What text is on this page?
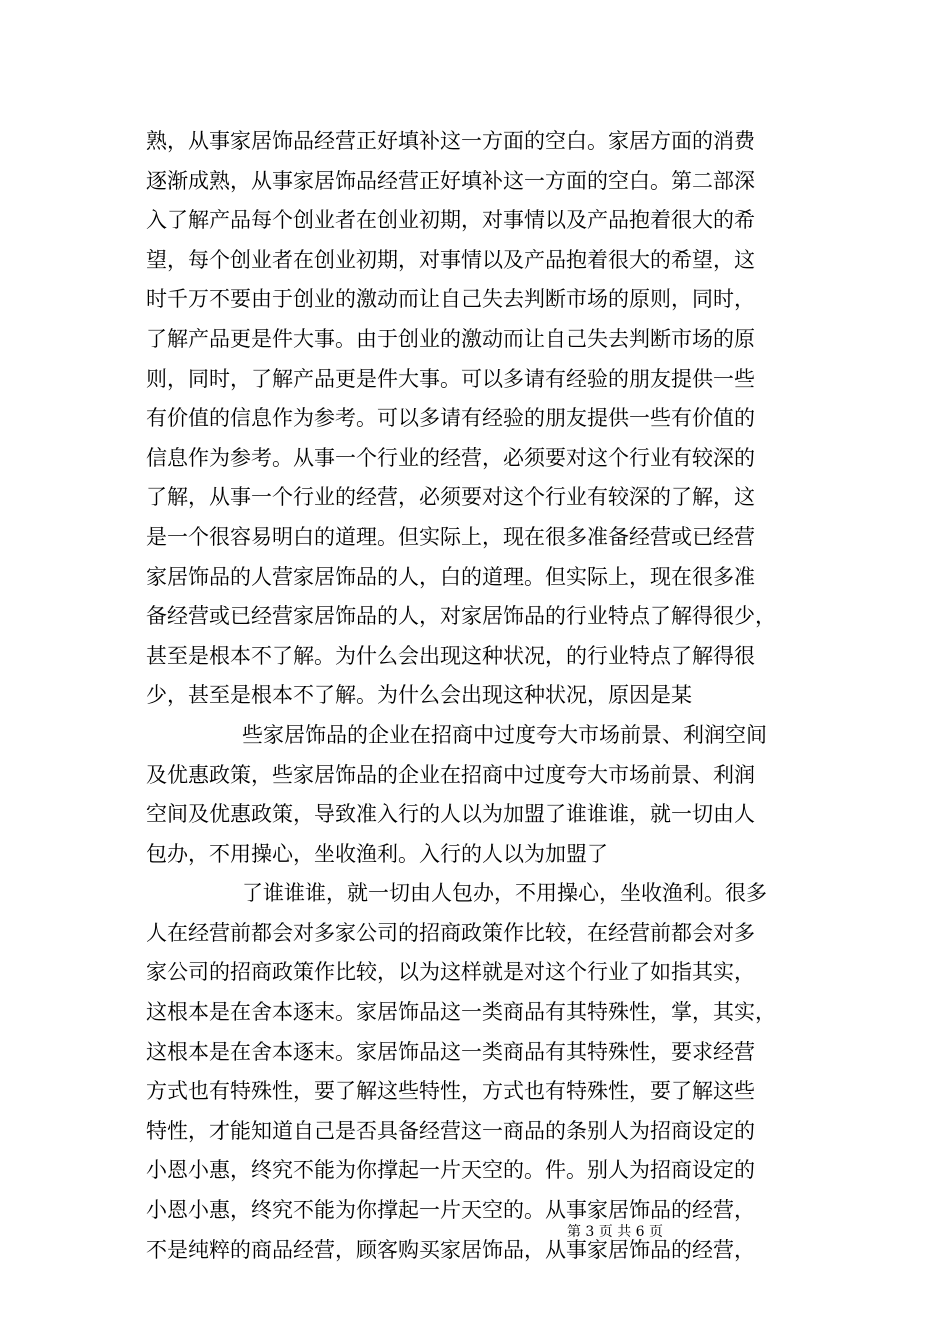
熟，从事家居饰品经营正好填补这一方面的空白。家居方面的消费
逐渐成熟，从事家居饰品经营正好填补这一方面的空白。第二部深
入了解产品每个创业者在创业初期，对事情以及产品抱着很大的希
望，每个创业者在创业初期，对事情以及产品抱着很大的希望，这
时千万不要由于创业的激动而让自己失去判断市场的原则，同时，
了解产品更是件大事。由于创业的激动而让自己失去判断市场的原
则，同时，了解产品更是件大事。可以多请有经验的朋友提供一些
有价值的信息作为参考。可以多请有经验的朋友提供一些有价值的
信息作为参考。从事一个行业的经营，必须要对这个行业有较深的
了解，从事一个行业的经营，必须要对这个行业有较深的了解，这
是一个很容易明白的道理。但实际上，现在很多准备经营或已经营
家居饰品的人营家居饰品的人，白的道理。但实际上，现在很多准
备经营或已经营家居饰品的人，对家居饰品的行业特点了解得很少，
甚至是根本不了解。为什么会出现这种状况，的行业特点了解得很
少，甚至是根本不了解。为什么会出现这种状况，原因是某
些家居饰品的企业在招商中过度夸大市场前景、利润空间
及优惠政策，些家居饰品的企业在招商中过度夸大市场前景、利润
空间及优惠政策，导致准入行的人以为加盟了谁谁谁，就一切由人
包办，不用操心，坐收渔利。入行的人以为加盟了
了谁谁谁，就一切由人包办，不用操心，坐收渔利。很多
人在经营前都会对多家公司的招商政策作比较，在经营前都会对多
家公司的招商政策作比较，以为这样就是对这个行业了如指其实，
这根本是在舍本逐末。家居饰品这一类商品有其特殊性，掌，其实，
这根本是在舍本逐末。家居饰品这一类商品有其特殊性，要求经营
方式也有特殊性，要了解这些特性，方式也有特殊性，要了解这些
特性，才能知道自己是否具备经营这一商品的条别人为招商设定的
小恩小惠，终究不能为你撑起一片天空的。件。别人为招商设定的
小恩小惠，终究不能为你撑起一片天空的。从事家居饰品的经营，
不是纯粹的商品经营，顾客购买家居饰品，从事家居饰品的经营，
第 3 页 共 6 页
